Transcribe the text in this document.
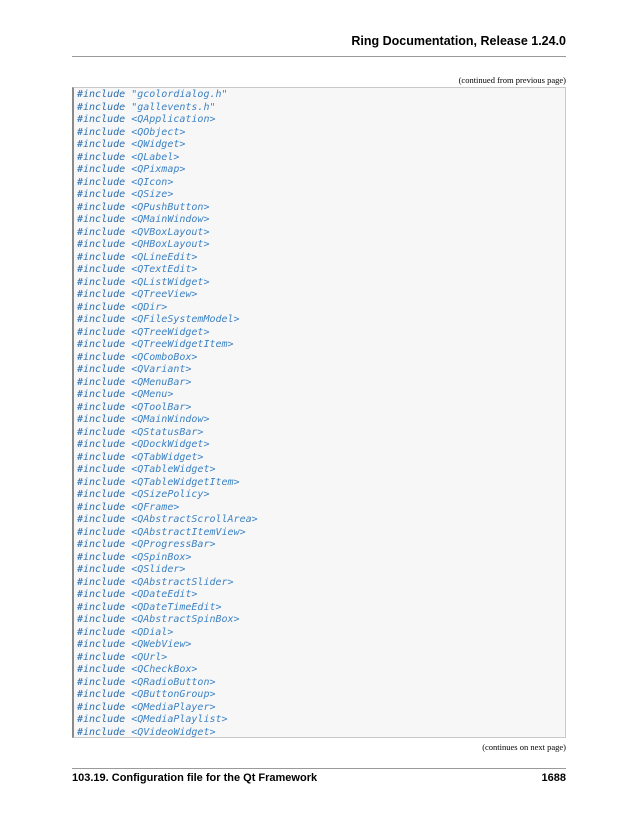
Ring Documentation, Release 1.24.0
(continued from previous page)
#include "gcolordialog.h"
#include "gallevents.h"
#include <QApplication>
#include <QObject>
#include <QWidget>
#include <QLabel>
#include <QPixmap>
#include <QIcon>
#include <QSize>
#include <QPushButton>
#include <QMainWindow>
#include <QVBoxLayout>
#include <QHBoxLayout>
#include <QLineEdit>
#include <QTextEdit>
#include <QListWidget>
#include <QTreeView>
#include <QDir>
#include <QFileSystemModel>
#include <QTreeWidget>
#include <QTreeWidgetItem>
#include <QComboBox>
#include <QVariant>
#include <QMenuBar>
#include <QMenu>
#include <QToolBar>
#include <QMainWindow>
#include <QStatusBar>
#include <QDockWidget>
#include <QTabWidget>
#include <QTableWidget>
#include <QTableWidgetItem>
#include <QSizePolicy>
#include <QFrame>
#include <QAbstractScrollArea>
#include <QAbstractItemView>
#include <QProgressBar>
#include <QSpinBox>
#include <QSlider>
#include <QAbstractSlider>
#include <QDateEdit>
#include <QDateTimeEdit>
#include <QAbstractSpinBox>
#include <QDial>
#include <QWebView>
#include <QUrl>
#include <QCheckBox>
#include <QRadioButton>
#include <QButtonGroup>
#include <QMediaPlayer>
#include <QMediaPlaylist>
#include <QVideoWidget>
(continues on next page)
103.19. Configuration file for the Qt Framework	1688
